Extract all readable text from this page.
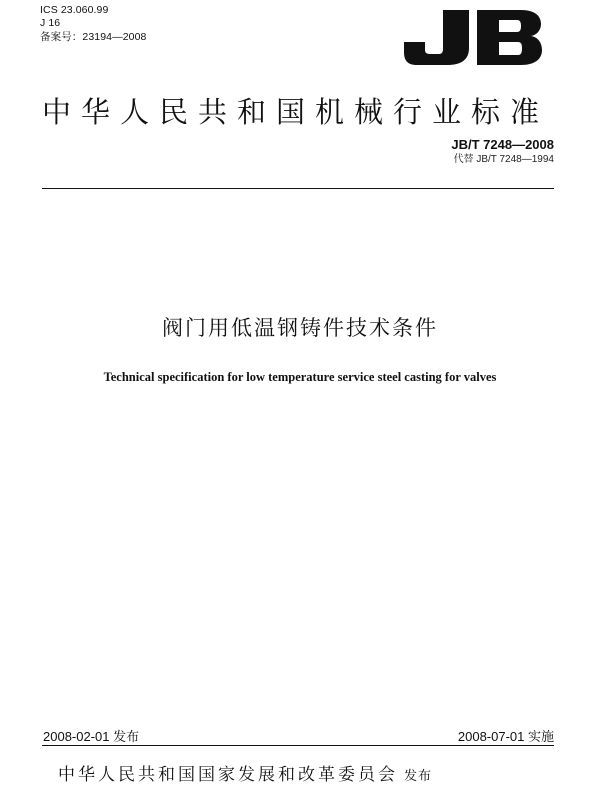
ICS 23.060.99
J 16
备案号：23194—2008
JB
中华人民共和国机械行业标准
JB/T 7248—2008
代替 JB/T 7248—1994
阀门用低温钢铸件技术条件
Technical specification for low temperature service steel casting for valves
2008-02-01 发布	2008-07-01 实施
中华人民共和国国家发展和改革委员会 发布
